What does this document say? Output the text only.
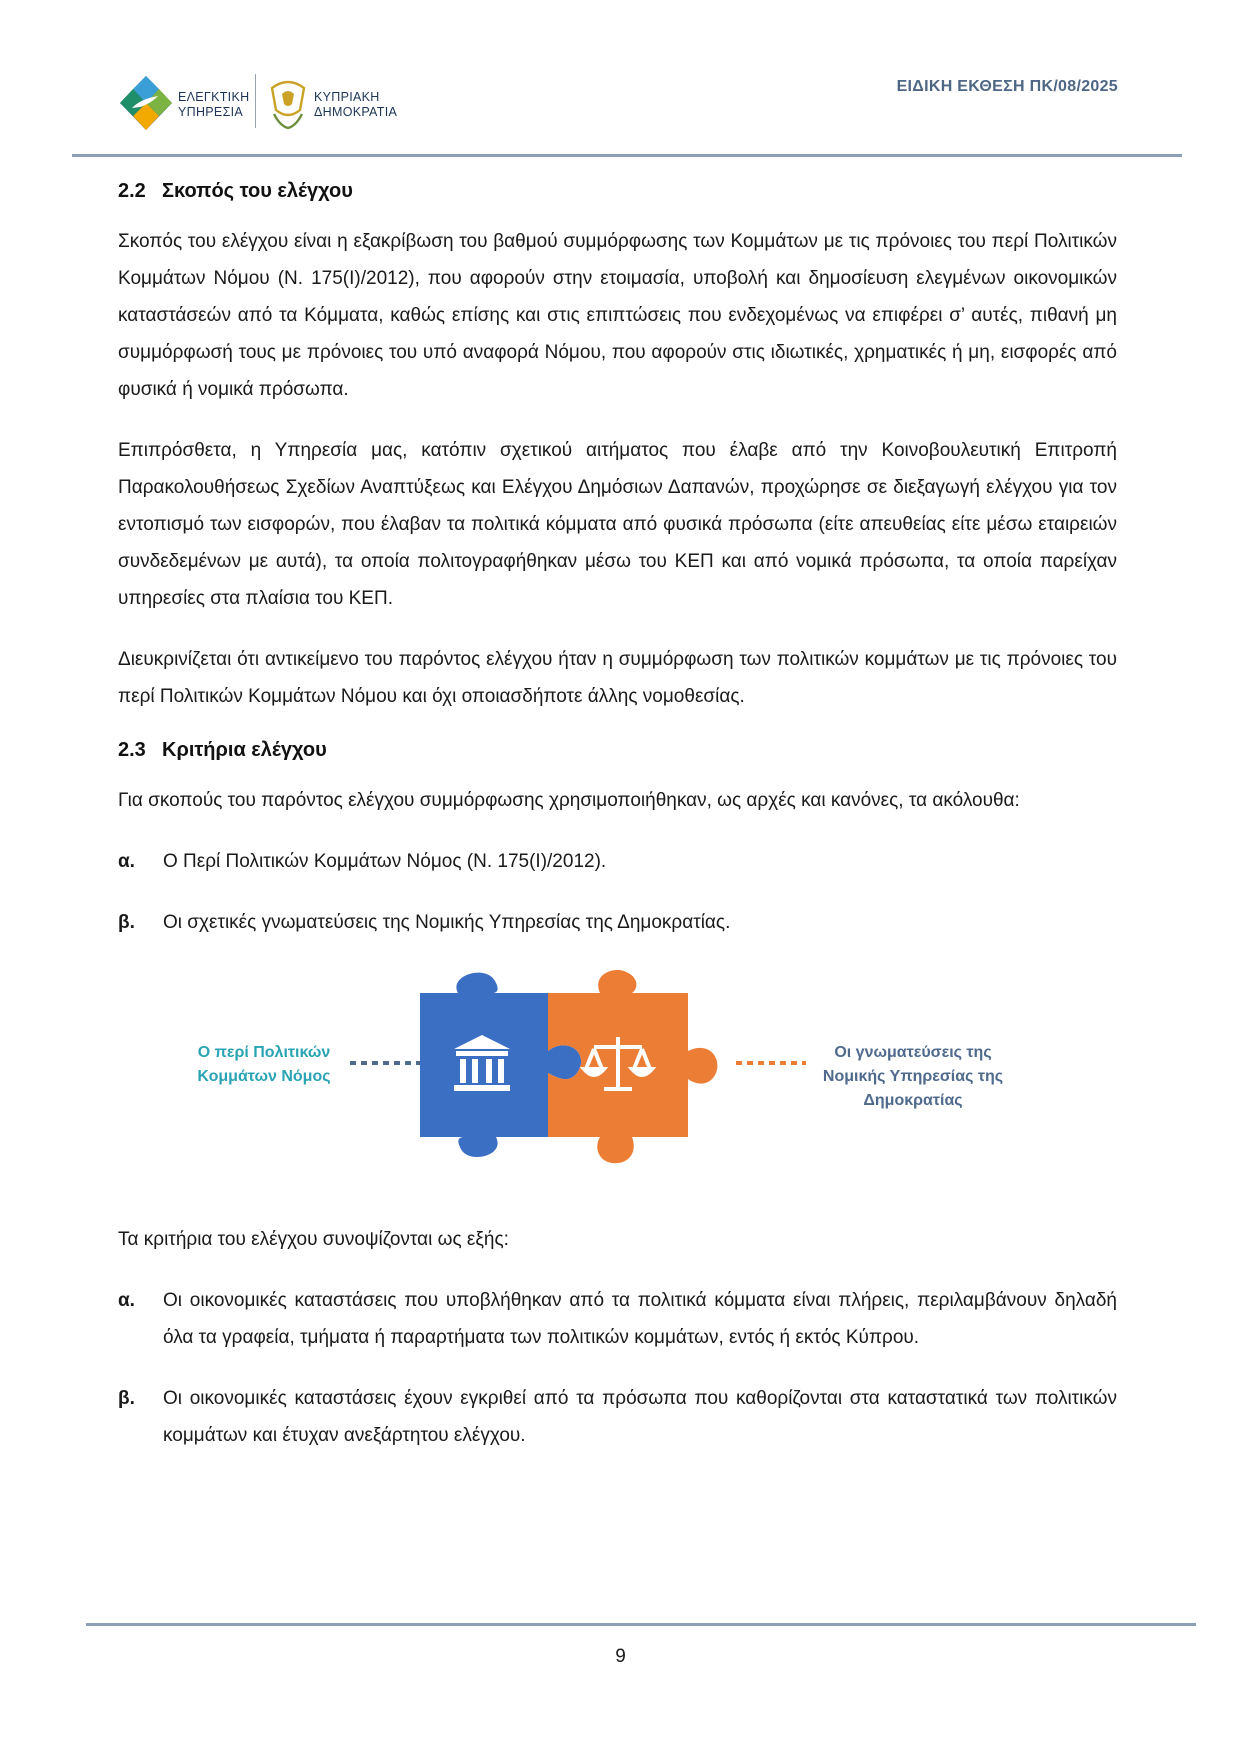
ΕΛΕΓΚΤΙΚΗ
ΥΠΗΡΕΣΙΑ
ΚΥΠΡΙΑΚΗ
ΔΗΜΟΚΡΑΤΙΑ
ΕΙΔΙΚΗ ΕΚΘΕΣΗ ΠΚ/08/2025
2.2 Σκοπός του ελέγχου

Σκοπός του ελέγχου είναι η εξακρίβωση του βαθμού συμμόρφωσης των Κομμάτων με τις πρόνοιες του περί Πολιτικών Κομμάτων Νόμου (Ν. 175(I)/2012), που αφορούν στην ετοιμασία, υποβολή και δημοσίευση ελεγμένων οικονομικών καταστάσεών από τα Κόμματα, καθώς επίσης και στις επιπτώσεις που ενδεχομένως να επιφέρει σ’ αυτές, πιθανή μη συμμόρφωσή τους με πρόνοιες του υπό αναφορά Νόμου, που αφορούν στις ιδιωτικές, χρηματικές ή μη, εισφορές από φυσικά ή νομικά πρόσωπα.

Επιπρόσθετα, η Υπηρεσία μας, κατόπιν σχετικού αιτήματος που έλαβε από την Κοινοβουλευτική Επιτροπή Παρακολουθήσεως Σχεδίων Αναπτύξεως και Ελέγχου Δημόσιων Δαπανών, προχώρησε σε διεξαγωγή ελέγχου για τον εντοπισμό των εισφορών, που έλαβαν τα πολιτικά κόμματα από φυσικά πρόσωπα (είτε απευθείας είτε μέσω εταιρειών συνδεδεμένων με αυτά), τα οποία πολιτογραφήθηκαν μέσω του ΚΕΠ και από νομικά πρόσωπα, τα οποία παρείχαν υπηρεσίες στα πλαίσια του ΚΕΠ.

Διευκρινίζεται ότι αντικείμενο του παρόντος ελέγχου ήταν η συμμόρφωση των πολιτικών κομμάτων με τις πρόνοιες του περί Πολιτικών Κομμάτων Νόμου και όχι οποιασδήποτε άλλης νομοθεσίας.

2.3 Κριτήρια ελέγχου

Για σκοπούς του παρόντος ελέγχου συμμόρφωσης χρησιμοποιήθηκαν, ως αρχές και κανόνες, τα ακόλουθα:

α.	Ο Περί Πολιτικών Κομμάτων Νόμος (Ν. 175(I)/2012).
β.	Οι σχετικές γνωματεύσεις της Νομικής Υπηρεσίας της Δημοκρατίας.
Ο περί Πολιτικών
Κομμάτων Νόμος
Οι γνωματεύσεις της
Νομικής Υπηρεσίας της
Δημοκρατίας

Τα κριτήρια του ελέγχου συνοψίζονται ως εξής:

α.	Οι οικονομικές καταστάσεις που υποβλήθηκαν από τα πολιτικά κόμματα είναι πλήρεις, περιλαμβάνουν δηλαδή όλα τα γραφεία, τμήματα ή παραρτήματα των πολιτικών κομμάτων, εντός ή εκτός Κύπρου.
β.	Οι οικονομικές καταστάσεις έχουν εγκριθεί από τα πρόσωπα που καθορίζονται στα καταστατικά των πολιτικών κομμάτων και έτυχαν ανεξάρτητου ελέγχου.
9
